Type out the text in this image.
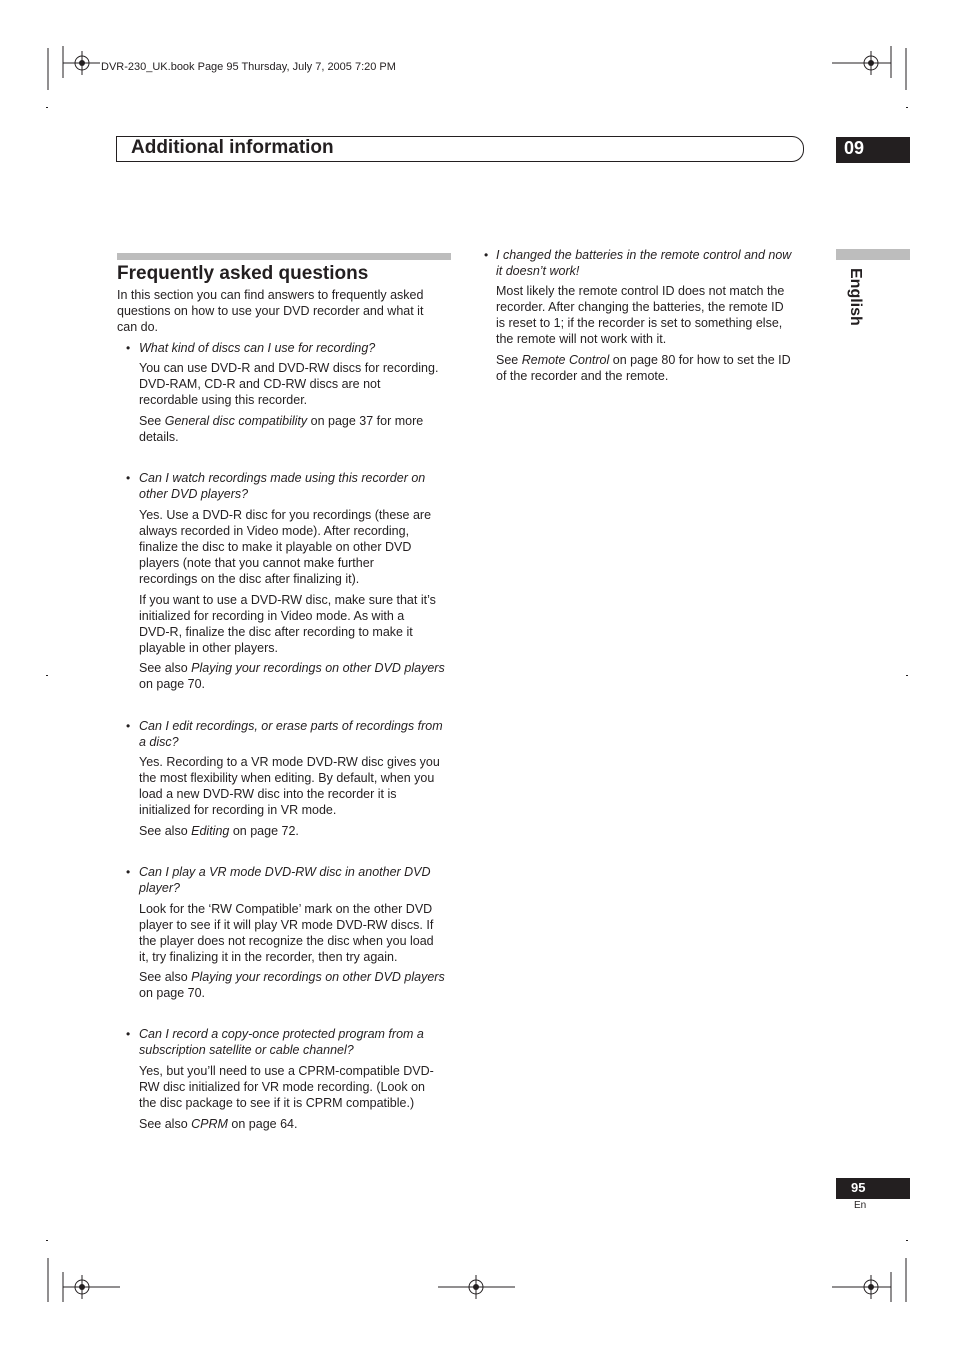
DVR-230_UK.book Page 95 Thursday, July 7, 2005 7:20 PM
Additional information	09
English
Frequently asked questions
In this section you can find answers to frequently asked
questions on how to use your DVD recorder and what it
can do.
• What kind of discs can I use for recording?
You can use DVD-R and DVD-RW discs for recording.
DVD-RAM, CD-R and CD-RW discs are not
recordable using this recorder.
See General disc compatibility on page 37 for more
details.
• Can I watch recordings made using this recorder on
other DVD players?
Yes. Use a DVD-R disc for you recordings (these are
always recorded in Video mode). After recording,
finalize the disc to make it playable on other DVD
players (note that you cannot make further
recordings on the disc after finalizing it).
If you want to use a DVD-RW disc, make sure that it’s
initialized for recording in Video mode. As with a
DVD-R, finalize the disc after recording to make it
playable in other players.
See also Playing your recordings on other DVD players
on page 70.
• Can I edit recordings, or erase parts of recordings from
a disc?
Yes. Recording to a VR mode DVD-RW disc gives you
the most flexibility when editing. By default, when you
load a new DVD-RW disc into the recorder it is
initialized for recording in VR mode.
See also Editing on page 72.
• Can I play a VR mode DVD-RW disc in another DVD
player?
Look for the ‘RW Compatible’ mark on the other DVD
player to see if it will play VR mode DVD-RW discs. If
the player does not recognize the disc when you load
it, try finalizing it in the recorder, then try again.
See also Playing your recordings on other DVD players
on page 70.
• Can I record a copy-once protected program from a
subscription satellite or cable channel?
Yes, but you’ll need to use a CPRM-compatible DVD-
RW disc initialized for VR mode recording. (Look on
the disc package to see if it is CPRM compatible.)
See also CPRM on page 64.
• I changed the batteries in the remote control and now
it doesn’t work!
Most likely the remote control ID does not match the
recorder. After changing the batteries, the remote ID
is reset to 1; if the recorder is set to something else,
the remote will not work with it.
See Remote Control on page 80 for how to set the ID
of the recorder and the remote.
95
En
